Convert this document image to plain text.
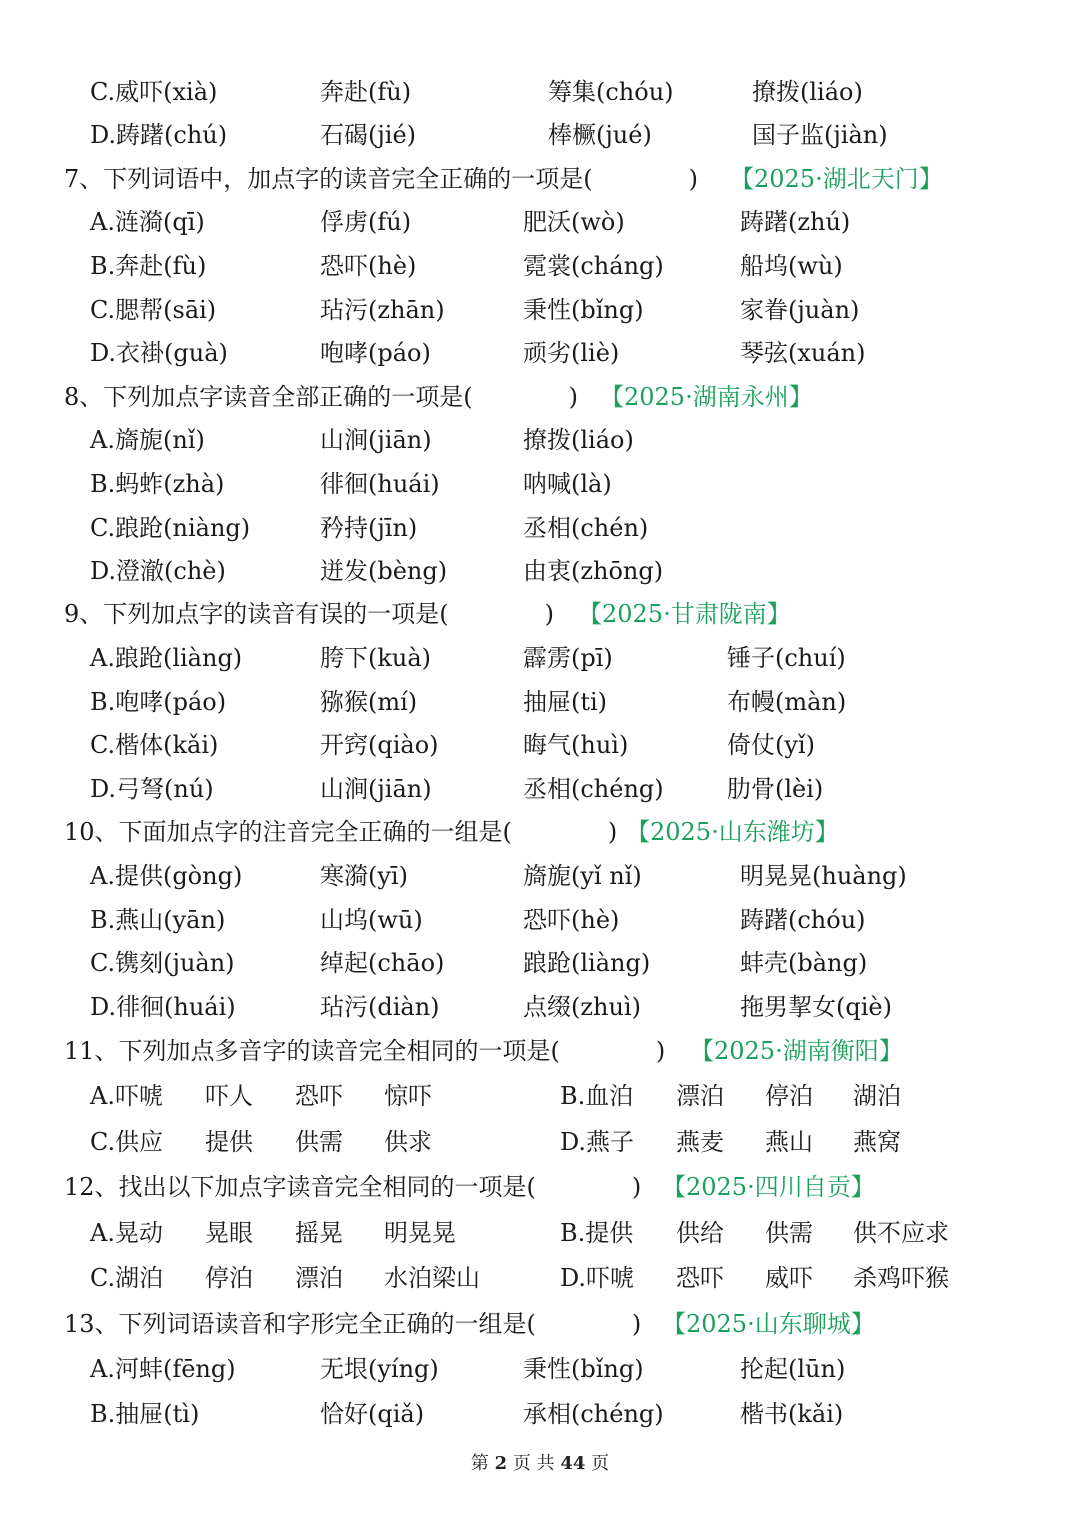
C.威吓(xià)	奔赴(fù)	筹集(chóu)	撩拨(liáo)
D.踌躇(chú)	石碣(jié)	棒橛(jué)	国子监(jiàn)
7、下列词语中，加点字的读音完全正确的一项是(　　　　) 【2025·湖北天门】
A.涟漪(qī)	俘虏(fú)	肥沃(wò)	踌躇(zhú)
B.奔赴(fù)	恐吓(hè)	霓裳(cháng)	船坞(wù)
C.腮帮(sāi)	玷污(zhān)	秉性(bǐng)	家眷(juàn)
D.衣褂(guà)	咆哮(páo)	顽劣(liè)	琴弦(xuán)
8、下列加点字读音全部正确的一项是(　　　　) 【2025·湖南永州】
A.旖旎(nǐ)	山涧(jiān)	撩拨(liáo)
B.蚂蚱(zhà)	徘徊(huái)	呐喊(là)
C.踉跄(niàng)	矜持(jīn)	丞相(chén)
D.澄澈(chè)	迸发(bèng)	由衷(zhōng)
9、下列加点字的读音有误的一项是(　　　　) 【2025·甘肃陇南】
A.踉跄(liàng)	胯下(kuà)	霹雳(pī)	锤子(chuí)
B.咆哮(páo)	猕猴(mí)	抽屉(ti)	布幔(màn)
C.楷体(kǎi)	开窍(qiào)	晦气(huì)	倚仗(yǐ)
D.弓弩(nú)	山涧(jiān)	丞相(chéng)	肋骨(lèi)
10、下面加点字的注音完全正确的一组是(　　　　) 【2025·山东潍坊】
A.提供(gòng)	寒漪(yī)	旖旎(yǐ nǐ)	明晃晃(huàng)
B.燕山(yān)	山坞(wū)	恐吓(hè)	踌躇(chóu)
C.镌刻(juàn)	绰起(chāo)	踉跄(liàng)	蚌壳(bàng)
D.徘徊(huái)	玷污(diàn)	点缀(zhuì)	拖男挈女(qiè)
11、下列加点多音字的读音完全相同的一项是(　　　　) 【2025·湖南衡阳】
A.吓唬 吓人 恐吓 惊吓	B.血泊 漂泊 停泊 湖泊
C.供应 提供 供需 供求	D.燕子 燕麦 燕山 燕窝
12、找出以下加点字读音完全相同的一项是(　　　　) 【2025·四川自贡】
A.晃动 晃眼 摇晃 明晃晃	B.提供 供给 供需 供不应求
C.湖泊 停泊 漂泊 水泊梁山	D.吓唬 恐吓 威吓 杀鸡吓猴
13、下列词语读音和字形完全正确的一组是(　　　　) 【2025·山东聊城】
A.河蚌(fēng)	无垠(yíng)	秉性(bǐng)	抡起(lūn)
B.抽屉(tì)	恰好(qiǎ)	承相(chéng)	楷书(kǎi)
第 2 页 共 44 页
